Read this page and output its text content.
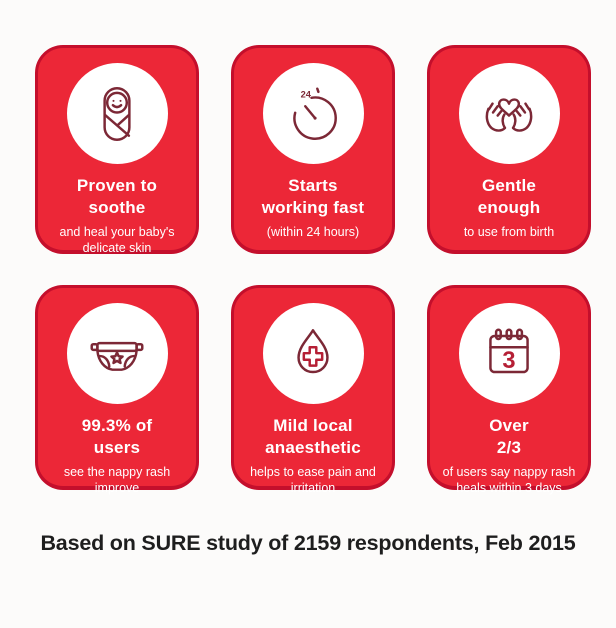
Proven to
soothe
and heal your baby's delicate skin
24
Starts
working fast
(within 24 hours)
Gentle
enough
to use from birth
99.3% of
users
see the nappy rash improve
Mild local
anaesthetic
helps to ease pain and irritation
3
Over
2/3
of users say nappy rash heals within 3 days
Based on SURE study of 2159 respondents, Feb 2015
